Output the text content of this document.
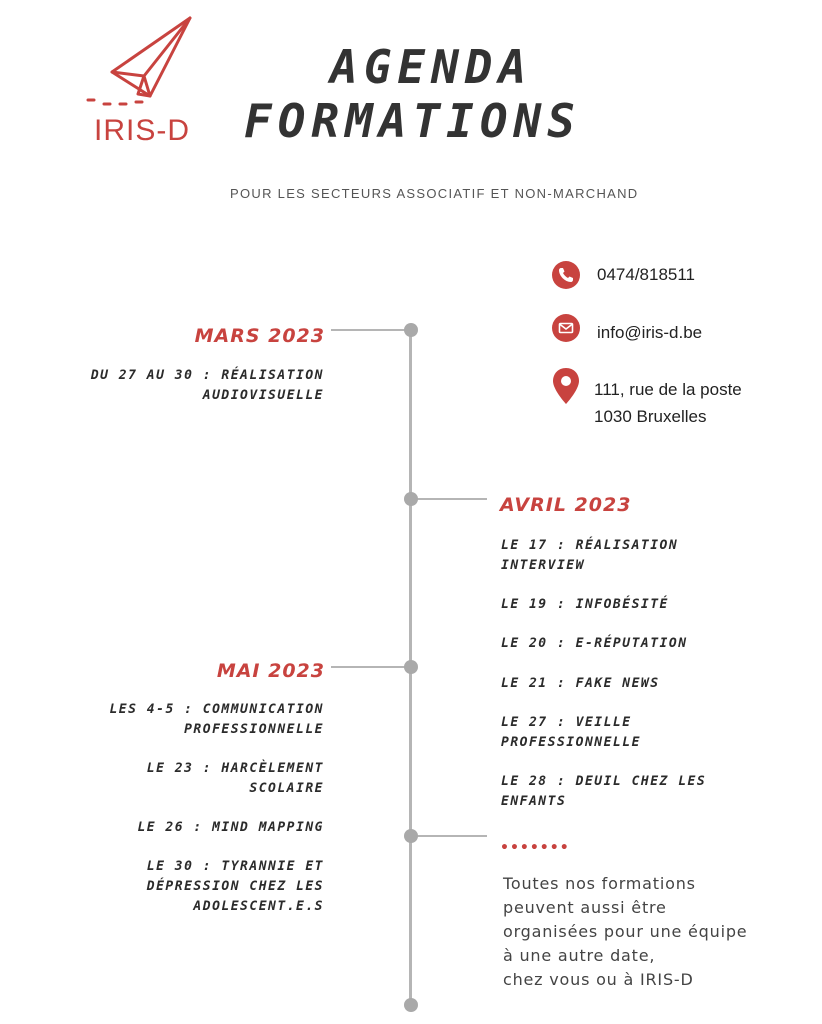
IRIS-D
AGENDA
FORMATIONS
POUR LES SECTEURS ASSOCIATIF ET NON-MARCHAND
0474/818511
info@iris-d.be
111, rue de la poste
1030 Bruxelles
MARS 2023
DU 27 AU 30 : RÉALISATION
AUDIOVISUELLE
AVRIL 2023
LE 17 : RÉALISATION
INTERVIEW
LE 19 : INFOBÉSITÉ
LE 20 : E-RÉPUTATION
LE 21 : FAKE NEWS
LE 27 : VEILLE
PROFESSIONNELLE
LE 28 : DEUIL CHEZ LES
ENFANTS
MAI 2023
LES 4-5 : COMMUNICATION
PROFESSIONNELLE
LE 23 : HARCÈLEMENT
SCOLAIRE
LE 26 : MIND MAPPING
LE 30 : TYRANNIE ET
DÉPRESSION CHEZ LES
ADOLESCENT.E.S
•••••••
Toutes nos formations
peuvent aussi être
organisées pour une équipe
à une autre date,
chez vous ou à IRIS-D
